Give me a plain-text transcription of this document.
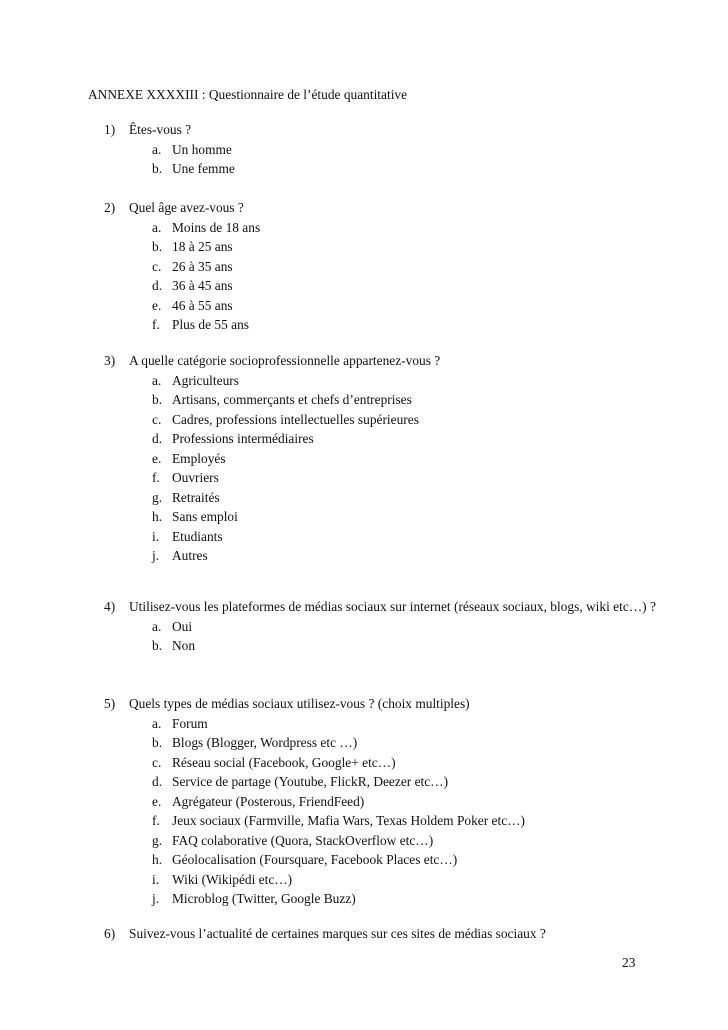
ANNEXE XXXXIII : Questionnaire de l’étude quantitative
1)	Êtes-vous ?
a. Un homme
b. Une femme
2)	Quel âge avez-vous ?
a. Moins de 18 ans
b. 18 à 25 ans
c. 26 à 35 ans
d. 36 à 45 ans
e. 46 à 55 ans
f. Plus de 55 ans
3)	A quelle catégorie socioprofessionnelle appartenez-vous ?
a. Agriculteurs
b. Artisans, commerçants et chefs d’entreprises
c. Cadres, professions intellectuelles supérieures
d. Professions intermédiaires
e. Employés
f. Ouvriers
g. Retraités
h. Sans emploi
i. Etudiants
j. Autres
4)	Utilisez-vous les plateformes de médias sociaux sur internet (réseaux sociaux, blogs, wiki etc…) ?
a. Oui
b. Non
5)	Quels types de médias sociaux utilisez-vous ? (choix multiples)
a. Forum
b. Blogs (Blogger, Wordpress etc …)
c. Réseau social (Facebook, Google+ etc…)
d. Service de partage (Youtube, FlickR, Deezer etc…)
e. Agrégateur (Posterous, FriendFeed)
f. Jeux sociaux (Farmville, Mafia Wars, Texas Holdem Poker etc…)
g. FAQ colaborative (Quora, StackOverflow etc…)
h. Géolocalisation (Foursquare, Facebook Places etc…)
i. Wiki (Wikipédi etc…)
j. Microblog (Twitter, Google Buzz)
6)	Suivez-vous l’actualité de certaines marques sur ces sites de médias sociaux ?
23
